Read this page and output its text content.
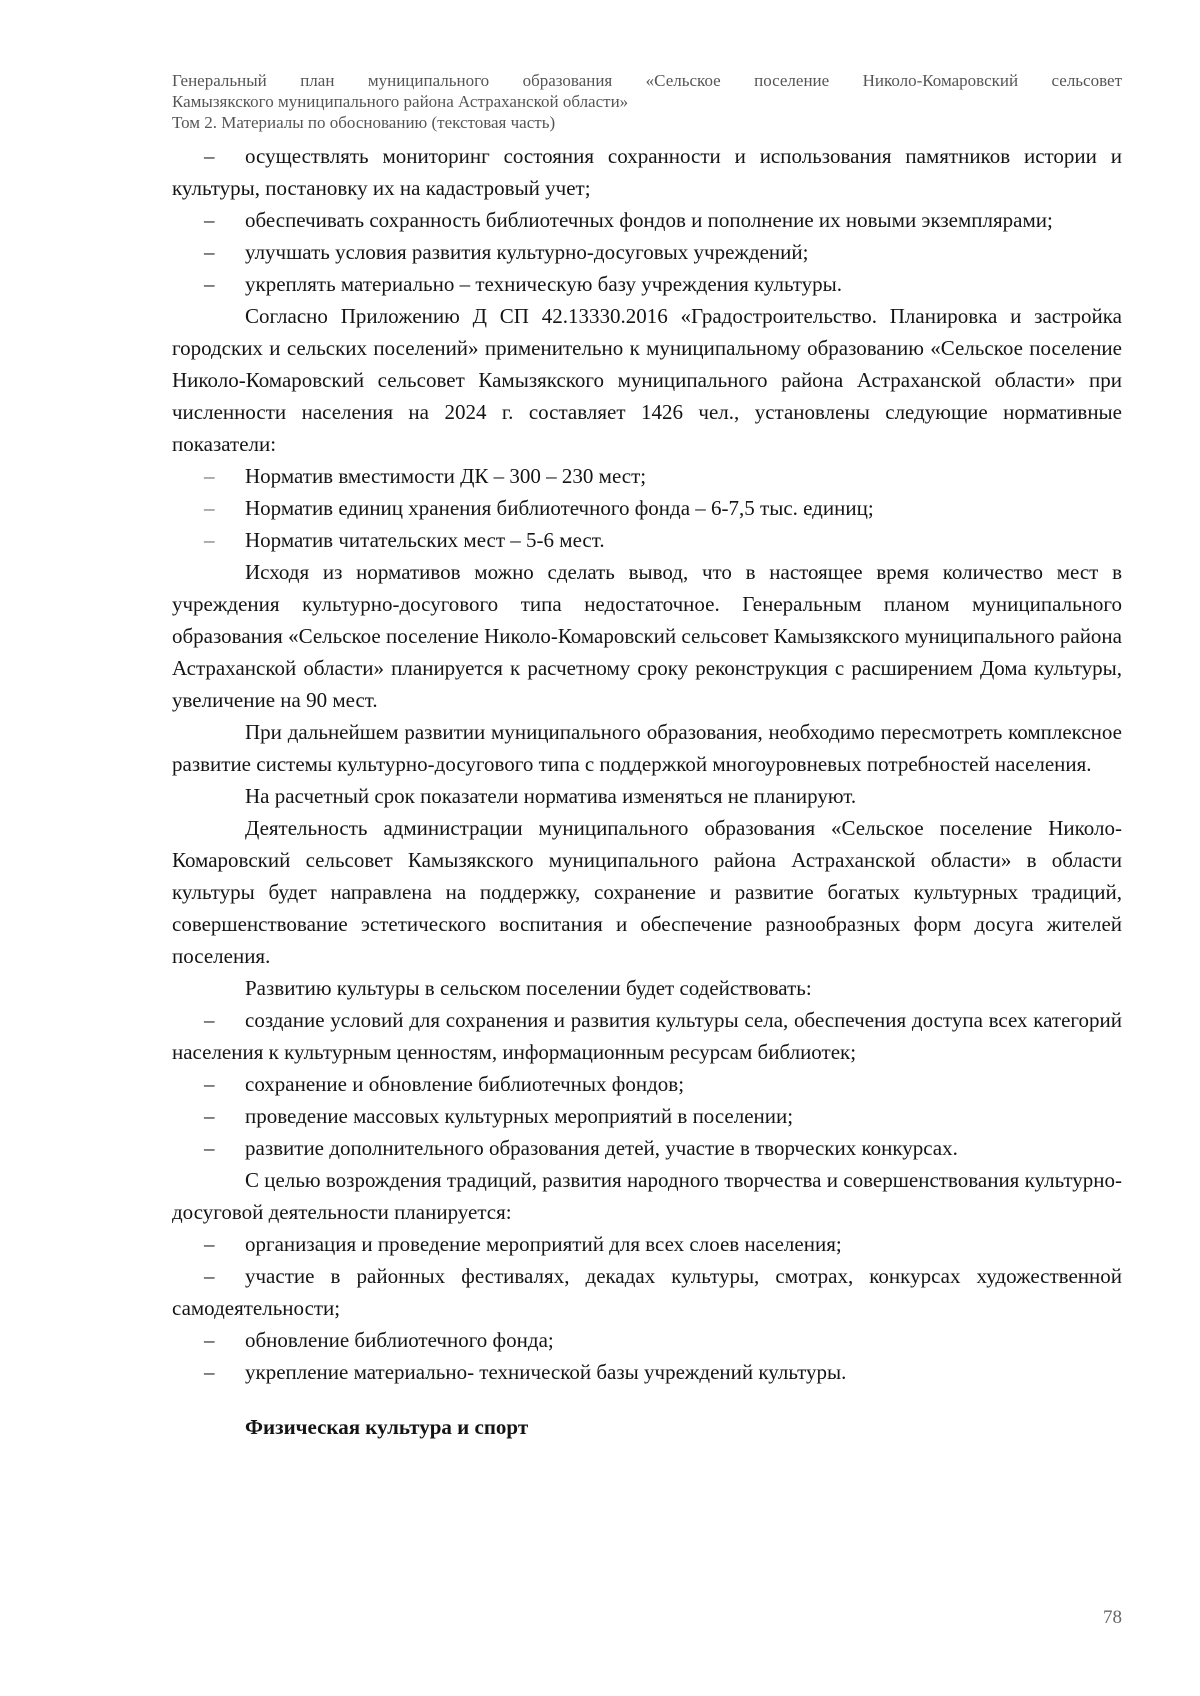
Генеральный план муниципального образования «Сельское поселение Николо-Комаровский сельсовет
Камызякского муниципального района Астраханской области»
Том 2. Материалы по обоснованию (текстовая часть)
– осуществлять мониторинг состояния сохранности и использования памятников истории и культуры, постановку их на кадастровый учет;
– обеспечивать сохранность библиотечных фондов и пополнение их новыми экземплярами;
– улучшать условия развития культурно-досуговых учреждений;
– укреплять материально – техническую базу учреждения культуры.
Согласно Приложению Д СП 42.13330.2016 «Градостроительство. Планировка и застройка городских и сельских поселений» применительно к муниципальному образованию «Сельское поселение Николо-Комаровский сельсовет Камызякского муниципального района Астраханской области» при численности населения на 2024 г. составляет 1426 чел., установлены следующие нормативные показатели:
– Норматив вместимости ДК – 300 – 230 мест;
– Норматив единиц хранения библиотечного фонда – 6-7,5 тыс. единиц;
– Норматив читательских мест – 5-6 мест.
Исходя из нормативов можно сделать вывод, что в настоящее время количество мест в учреждения культурно-досугового типа недостаточное. Генеральным планом муниципального образования «Сельское поселение Николо-Комаровский сельсовет Камызякского муниципального района Астраханской области» планируется к расчетному сроку реконструкция с расширением Дома культуры, увеличение на 90 мест.
При дальнейшем развитии муниципального образования, необходимо пересмотреть комплексное развитие системы культурно-досугового типа с поддержкой многоуровневых потребностей населения.
На расчетный срок показатели норматива изменяться не планируют.
Деятельность администрации муниципального образования «Сельское поселение Николо-Комаровский сельсовет Камызякского муниципального района Астраханской области» в области культуры будет направлена на поддержку, сохранение и развитие богатых культурных традиций, совершенствование эстетического воспитания и обеспечение разнообразных форм досуга жителей поселения.
Развитию культуры в сельском поселении будет содействовать:
– создание условий для сохранения и развития культуры села, обеспечения доступа всех категорий населения к культурным ценностям, информационным ресурсам библиотек;
– сохранение и обновление библиотечных фондов;
– проведение массовых культурных мероприятий в поселении;
– развитие дополнительного образования детей, участие в творческих конкурсах.
С целью возрождения традиций, развития народного творчества и совершенствования культурно-досуговой деятельности планируется:
– организация и проведение мероприятий для всех слоев населения;
– участие в районных фестивалях, декадах культуры, смотрах, конкурсах художественной самодеятельности;
– обновление библиотечного фонда;
– укрепление материально- технической базы учреждений культуры.
Физическая культура и спорт
78
